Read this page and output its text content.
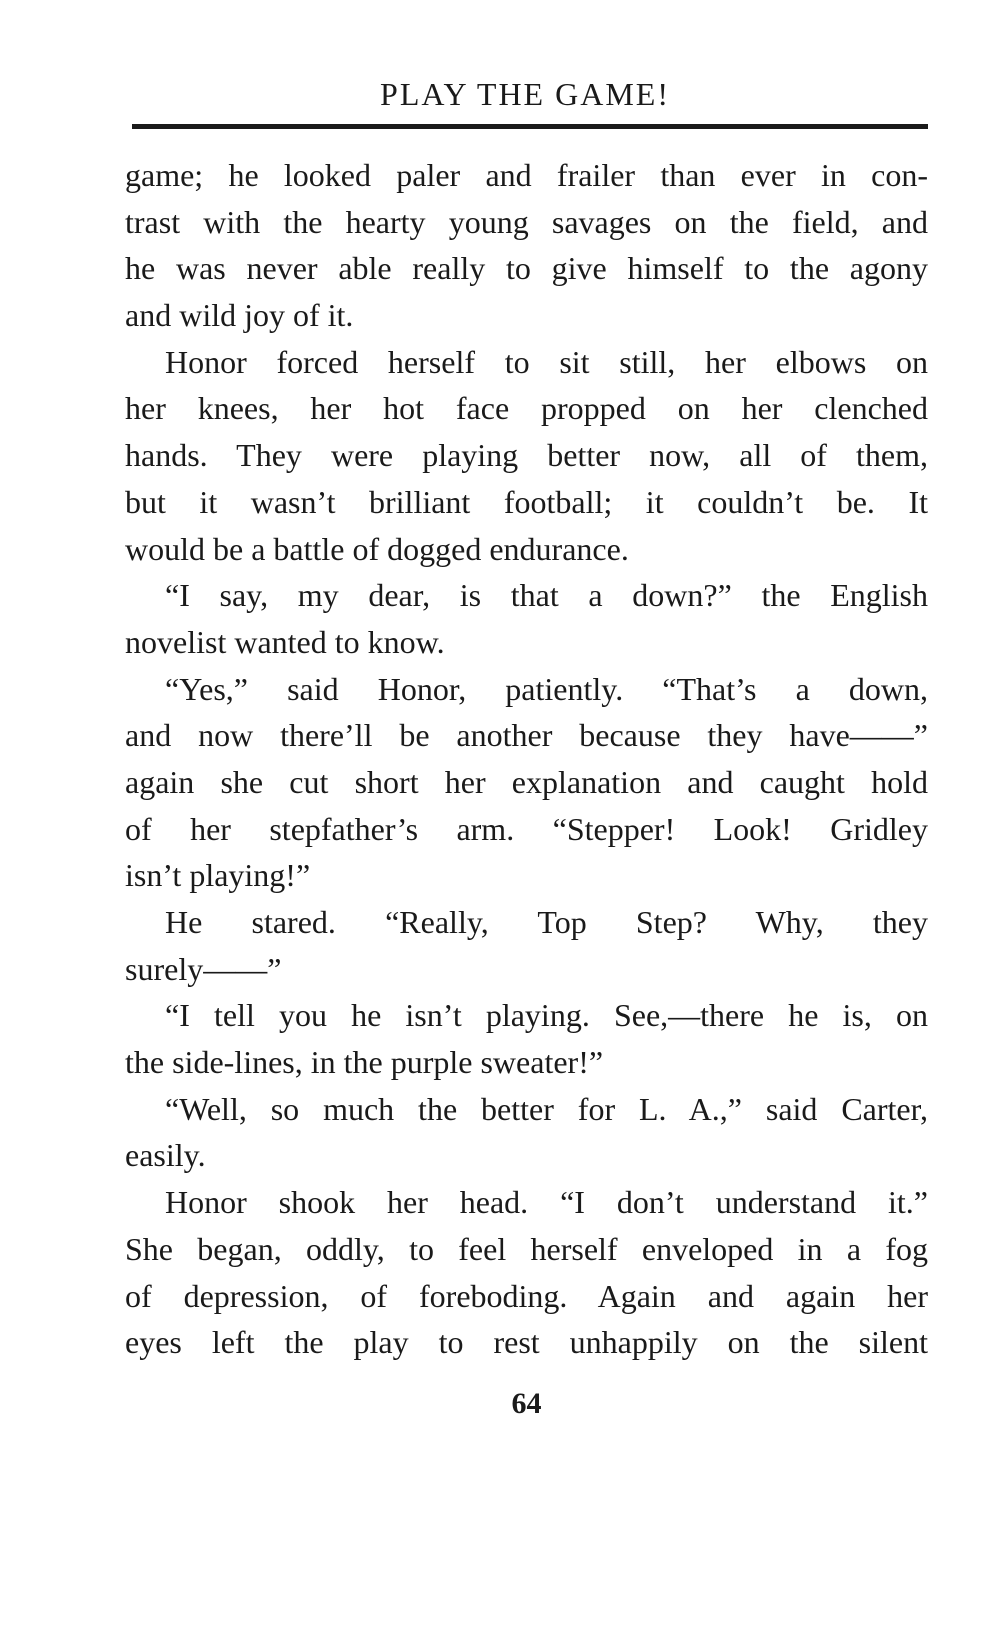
PLAY THE GAME!
game; he looked paler and frailer than ever in con-
trast with the hearty young savages on the field, and
he was never able really to give himself to the agony
and wild joy of it.
Honor forced herself to sit still, her elbows on
her knees, her hot face propped on her clenched
hands. They were playing better now, all of them,
but it wasn’t brilliant football; it couldn’t be. It
would be a battle of dogged endurance.
“I say, my dear, is that a down?” the English
novelist wanted to know.
“Yes,” said Honor, patiently. “That’s a down,
and now there’ll be another because they have——”
again she cut short her explanation and caught hold
of her stepfather’s arm. “Stepper! Look! Gridley
isn’t playing!”
He stared. “Really, Top Step? Why, they
surely——”
“I tell you he isn’t playing. See,—there he is, on
the side-lines, in the purple sweater!”
“Well, so much the better for L. A.,” said Carter,
easily.
Honor shook her head. “I don’t understand it.”
She began, oddly, to feel herself enveloped in a fog
of depression, of foreboding. Again and again her
eyes left the play to rest unhappily on the silent
64
